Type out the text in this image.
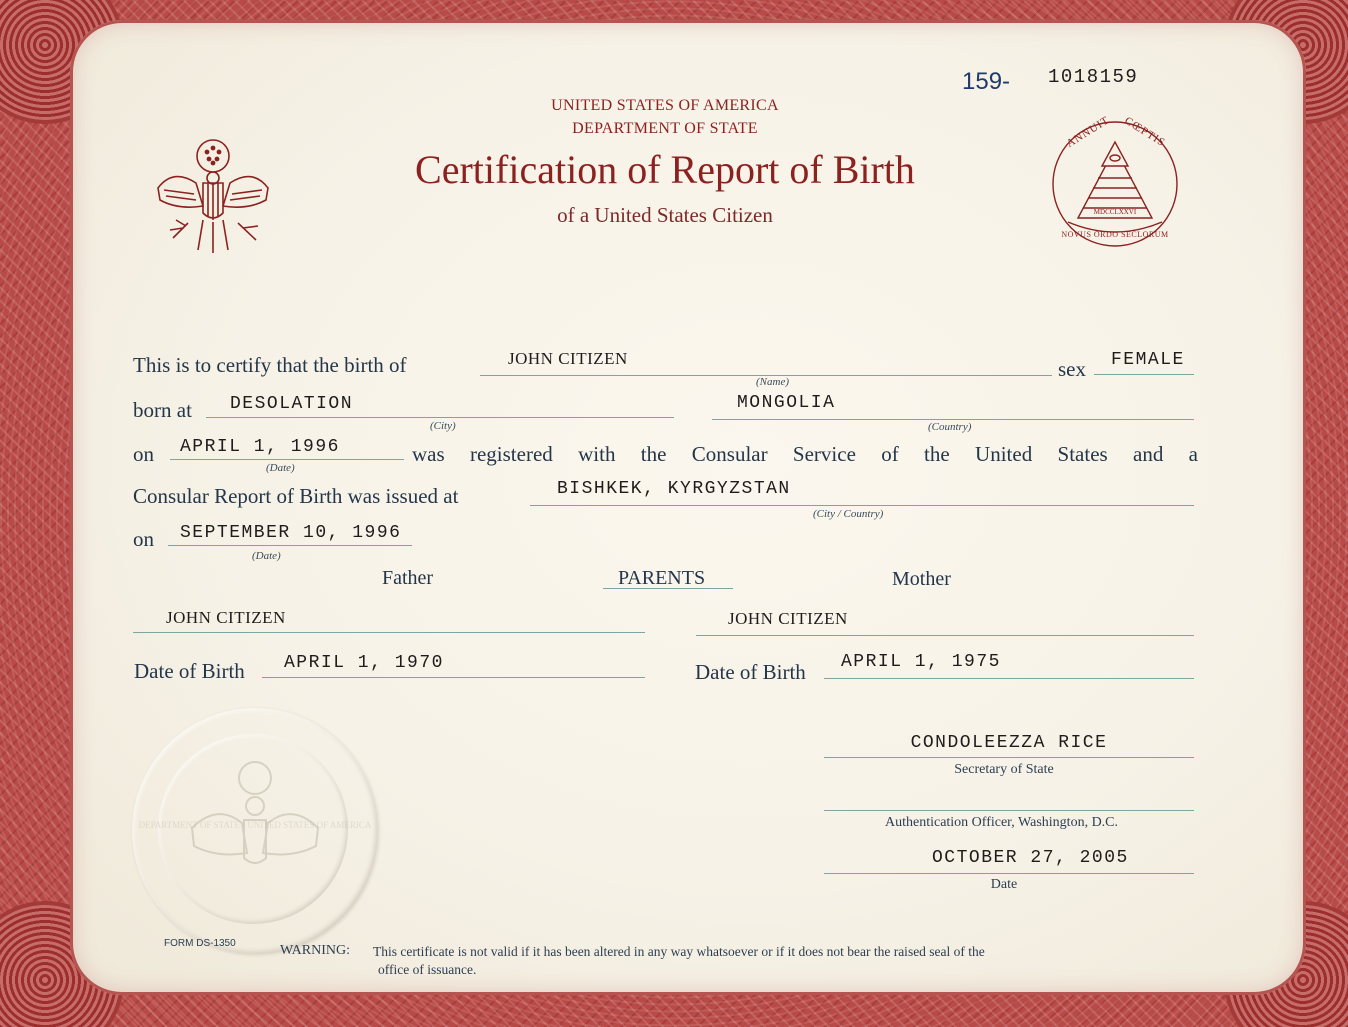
159- 1018159
UNITED STATES OF AMERICA
DEPARTMENT OF STATE
Certification of Report of Birth
of a United States Citizen
ANNUIT CŒPTIS
MDCCLXXVI
NOVUS ORDO SECLORUM
This is to certify that the birth of	JOHN CITIZEN
(Name)
sex FEMALE
born at DESOLATION
(City)
MONGOLIA
(Country)
on APRIL 1, 1996
(Date)
was registered with the Consular Service of the United States and a
Consular Report of Birth was issued at	BISHKEK, KYRGYZSTAN
(City / Country)
on SEPTEMBER 10, 1996
(Date)
Father	PARENTS	Mother
JOHN CITIZEN	JOHN CITIZEN
Date of Birth APRIL 1, 1970	Date of Birth APRIL 1, 1975
DEPARTMENT OF STATE · UNITED STATES OF AMERICA
CONDOLEEZZA RICE
Secretary of State
Authentication Officer, Washington, D.C.
OCTOBER 27, 2005
Date
FORM DS-1350	WARNING: This certificate is not valid if it has been altered in any way whatsoever or if it does not bear the raised seal of the
office of issuance.
